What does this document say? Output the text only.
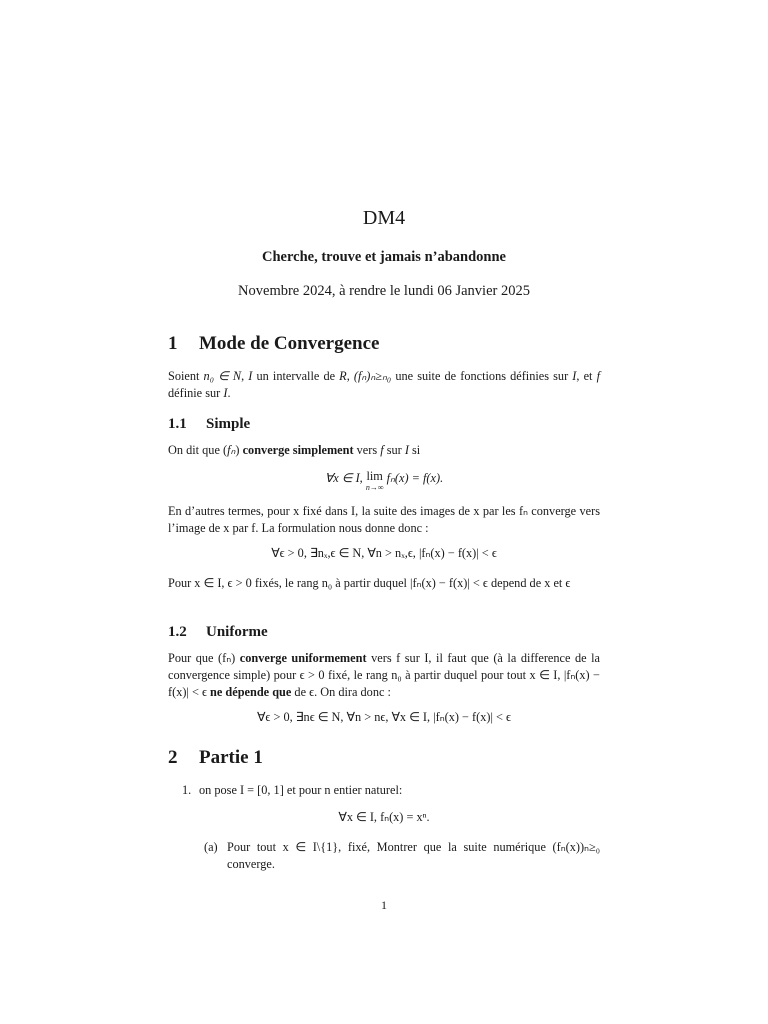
DM4
Cherche, trouve et jamais n’abandonne
Novembre 2024, à rendre le lundi 06 Janvier 2025
1 Mode de Convergence
Soient n₀ ∈ N, I un intervalle de R, (fₙ)ₙ≥ₙ₀ une suite de fonctions définies sur I, et f définie sur I.
1.1 Simple
On dit que (fₙ) converge simplement vers f sur I si
∀x ∈ I, lim
n→∞
fₙ(x) = f(x).
En d’autres termes, pour x fixé dans I, la suite des images de x par les fₙ converge vers l’image de x par f. La formulation nous donne donc :
∀ϵ > 0, ∃nₓ,ϵ ∈ N, ∀n > nₓ,ϵ, |fₙ(x) − f(x)| < ϵ
Pour x ∈ I, ϵ > 0 fixés, le rang n₀ à partir duquel |fₙ(x) − f(x)| < ϵ depend de x et ϵ
1.2 Uniforme
Pour que (fₙ) converge uniformement vers f sur I, il faut que (à la difference de la convergence simple) pour ϵ > 0 fixé, le rang n₀ à partir duquel pour tout x ∈ I, |fₙ(x) − f(x)| < ϵ ne dépende que de ϵ. On dira donc :
∀ϵ > 0, ∃nϵ ∈ N, ∀n > nϵ, ∀x ∈ I, |fₙ(x) − f(x)| < ϵ
2 Partie 1
1. on pose I = [0, 1] et pour n entier naturel:
∀x ∈ I, fₙ(x) = xⁿ.
(a) Pour tout x ∈ I\{1}, fixé, Montrer que la suite numérique (fₙ(x))ₙ≥₀ converge.
1
